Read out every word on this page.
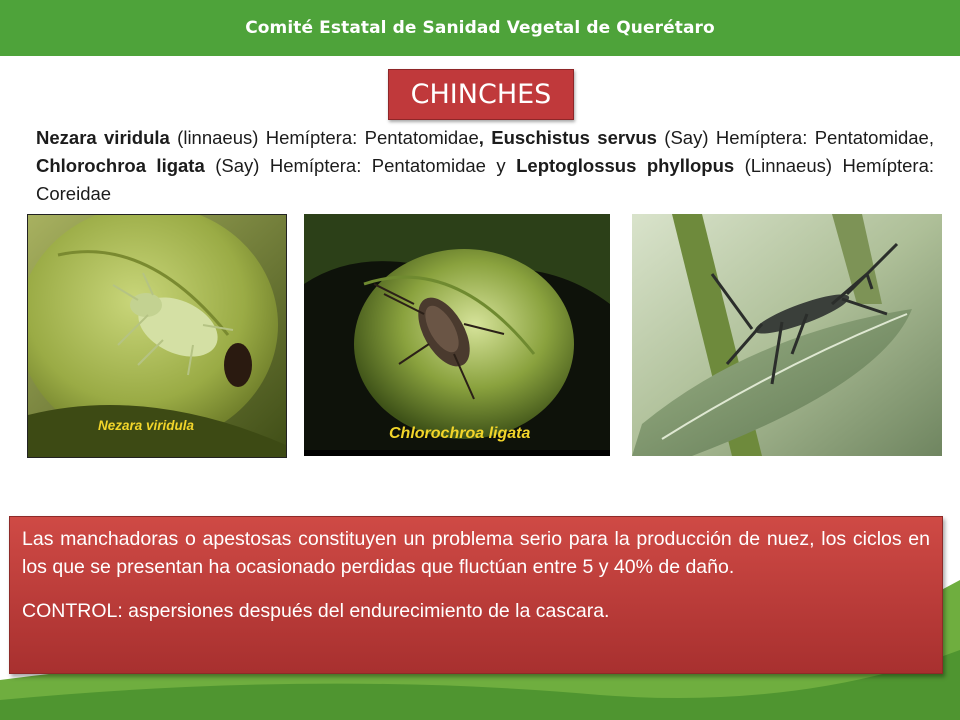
Comité Estatal de Sanidad Vegetal de Querétaro
CHINCHES
Nezara viridula (linnaeus) Hemíptera: Pentatomidae, Euschistus servus (Say) Hemíptera: Pentatomidae, Chlorochroa ligata (Say) Hemíptera: Pentatomidae y Leptoglossus phyllopus (Linnaeus) Hemíptera: Coreidae
Nezara viridula	Chlorochroa ligata

Las manchadoras o apestosas constituyen un problema serio para la producción de nuez, los ciclos en los que se presentan ha ocasionado perdidas que fluctúan entre 5 y 40% de daño.

CONTROL: aspersiones después del endurecimiento de la cascara.
